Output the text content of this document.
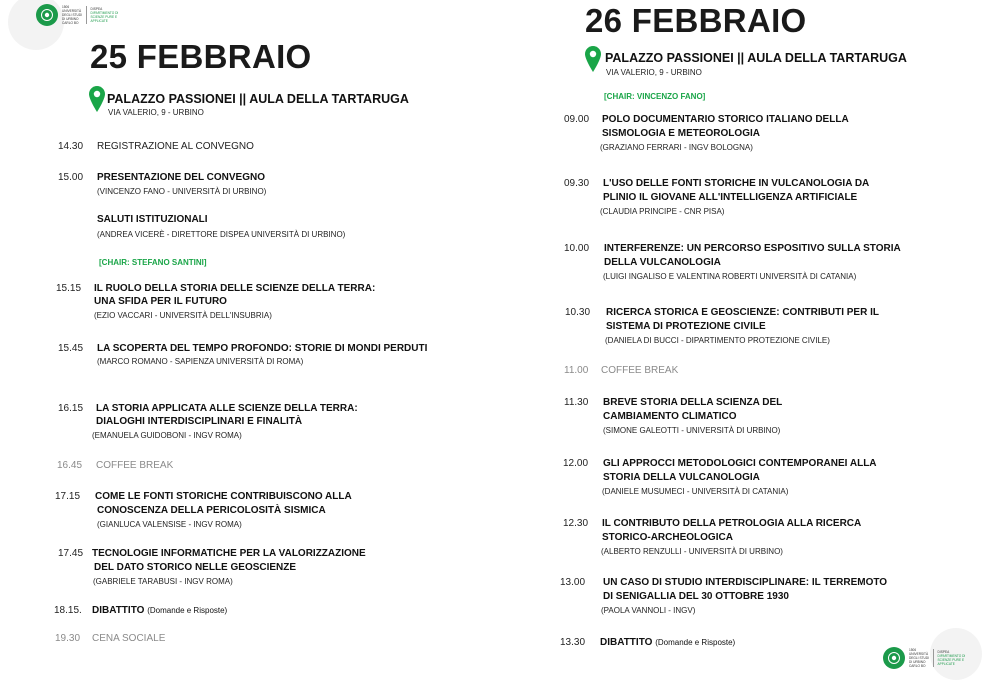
1506
UNIVERSITÀ
DEGLI STUDI
DI URBINO
CARLO BO
DISPEA
DIPARTIMENTO DI
SCIENZE PURE E
APPLICATE
25 FEBBRAIO
PALAZZO PASSIONEI || AULA DELLA TARTARUGA
VIA VALERIO, 9 - URBINO
14.30 REGISTRAZIONE AL CONVEGNO
15.00 PRESENTAZIONE DEL CONVEGNO
(VINCENZO FANO - UNIVERSITÀ DI URBINO)
SALUTI ISTITUZIONALI
(ANDREA VICERÈ - DIRETTORE DISPEA UNIVERSITÀ DI URBINO)
[CHAIR: STEFANO SANTINI]
15.15 IL RUOLO DELLA STORIA DELLE SCIENZE DELLA TERRA:
UNA SFIDA PER IL FUTURO
(EZIO VACCARI - UNIVERSITÀ DELL'INSUBRIA)
15.45 LA SCOPERTA DEL TEMPO PROFONDO: STORIE DI MONDI PERDUTI
(MARCO ROMANO - SAPIENZA UNIVERSITÀ DI ROMA)
16.15 LA STORIA APPLICATA ALLE SCIENZE DELLA TERRA:
DIALOGHI INTERDISCIPLINARI E FINALITÀ
(EMANUELA GUIDOBONI - INGV ROMA)
16.45 COFFEE BREAK
17.15 COME LE FONTI STORICHE CONTRIBUISCONO ALLA
CONOSCENZA DELLA PERICOLOSITÀ SISMICA
(GIANLUCA VALENSISE - INGV ROMA)
17.45 TECNOLOGIE INFORMATICHE PER LA VALORIZZAZIONE
DEL DATO STORICO NELLE GEOSCIENZE
(GABRIELE TARABUSI - INGV ROMA)
18.15. DIBATTITO (Domande e Risposte)
19.30 CENA SOCIALE
26 FEBBRAIO
PALAZZO PASSIONEI || AULA DELLA TARTARUGA
VIA VALERIO, 9 - URBINO
[CHAIR: VINCENZO FANO]
09.00 POLO DOCUMENTARIO STORICO ITALIANO DELLA
SISMOLOGIA E METEOROLOGIA
(GRAZIANO FERRARI - INGV BOLOGNA)
09.30 L'USO DELLE FONTI STORICHE IN VULCANOLOGIA DA
PLINIO IL GIOVANE ALL'INTELLIGENZA ARTIFICIALE
(CLAUDIA PRINCIPE - CNR PISA)
10.00 INTERFERENZE: UN PERCORSO ESPOSITIVO SULLA STORIA
DELLA VULCANOLOGIA
(LUIGI INGALISO E VALENTINA ROBERTI UNIVERSITÀ DI CATANIA)
10.30 RICERCA STORICA E GEOSCIENZE: CONTRIBUTI PER IL
SISTEMA DI PROTEZIONE CIVILE
(DANIELA DI BUCCI - DIPARTIMENTO PROTEZIONE CIVILE)
11.00 COFFEE BREAK
11.30 BREVE STORIA DELLA SCIENZA DEL
CAMBIAMENTO CLIMATICO
(SIMONE GALEOTTI - UNIVERSITÀ DI URBINO)
12.00 GLI APPROCCI METODOLOGICI CONTEMPORANEI ALLA
STORIA DELLA VULCANOLOGIA
(DANIELE MUSUMECI - UNIVERSITÀ DI CATANIA)
12.30 IL CONTRIBUTO DELLA PETROLOGIA ALLA RICERCA
STORICO-ARCHEOLOGICA
(ALBERTO RENZULLI - UNIVERSITÀ DI URBINO)
13.00 UN CASO DI STUDIO INTERDISCIPLINARE: IL TERREMOTO
DI SENIGALLIA DEL 30 OTTOBRE 1930
(PAOLA VANNOLI - INGV)
13.30 DIBATTITO (Domande e Risposte)
1506
UNIVERSITÀ
DEGLI STUDI
DI URBINO
CARLO BO
DISPEA
DIPARTIMENTO DI
SCIENZE PURE E
APPLICATE
